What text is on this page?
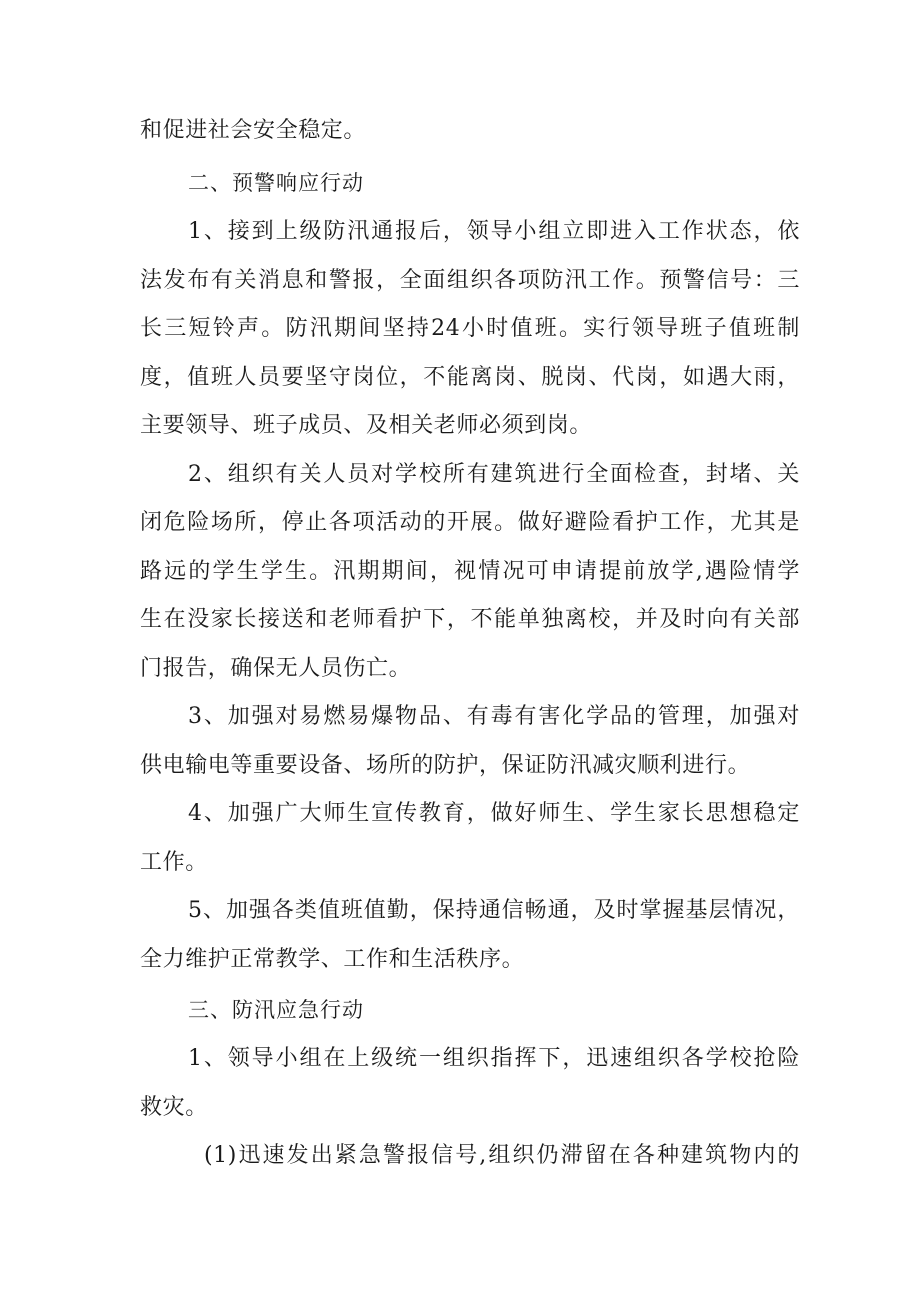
和促进社会安全稳定。
二、预警响应行动
1、接到上级防汛通报后，领导小组立即进入工作状态，依
法发布有关消息和警报，全面组织各项防汛工作。预警信号：三
长三短铃声。防汛期间坚持24小时值班。实行领导班子值班制
度，值班人员要坚守岗位，不能离岗、脱岗、代岗，如遇大雨，
主要领导、班子成员、及相关老师必须到岗。
2、组织有关人员对学校所有建筑进行全面检查，封堵、关
闭危险场所，停止各项活动的开展。做好避险看护工作，尤其是
路远的学生学生。汛期期间，视情况可申请提前放学,遇险情学
生在没家长接送和老师看护下，不能单独离校，并及时向有关部
门报告，确保无人员伤亡。
3、加强对易燃易爆物品、有毒有害化学品的管理，加强对
供电输电等重要设备、场所的防护，保证防汛减灾顺利进行。
4、加强广大师生宣传教育，做好师生、学生家长思想稳定
工作。
5、加强各类值班值勤，保持通信畅通，及时掌握基层情况，
全力维护正常教学、工作和生活秩序。
三、防汛应急行动
1、领导小组在上级统一组织指挥下，迅速组织各学校抢险
救灾。
(1)迅速发出紧急警报信号,组织仍滞留在各种建筑物内的
